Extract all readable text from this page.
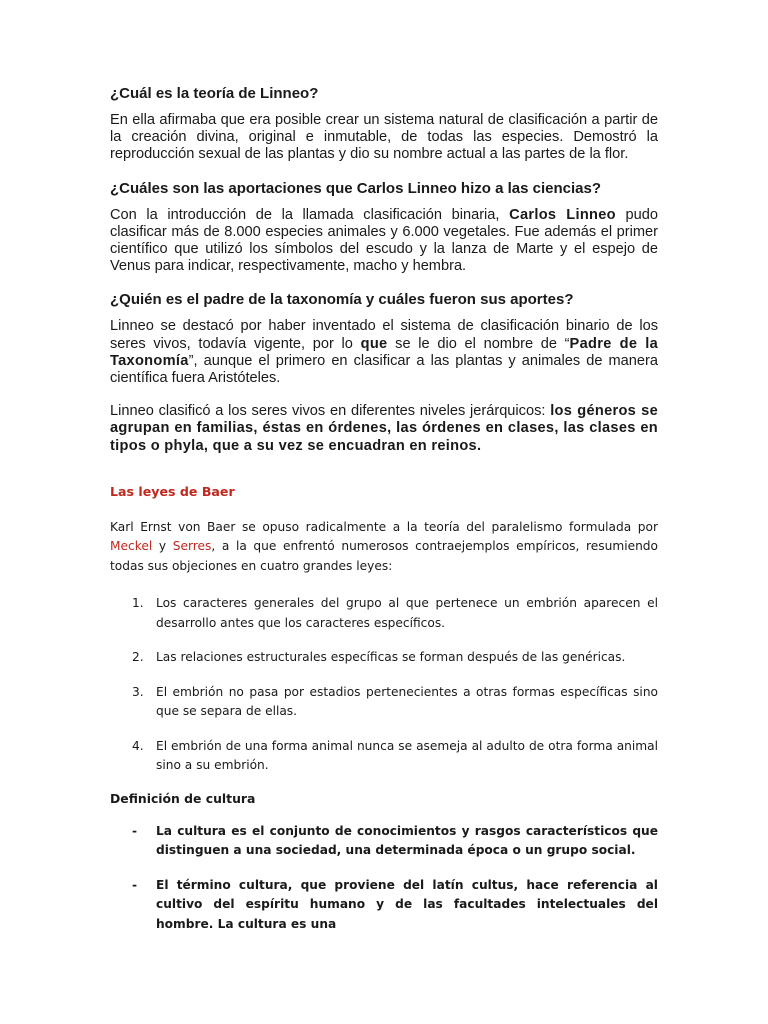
¿Cuál es la teoría de Linneo?

En ella afirmaba que era posible crear un sistema natural de clasificación a partir de la creación divina, original e inmutable, de todas las especies. Demostró la reproducción sexual de las plantas y dio su nombre actual a las partes de la flor.

¿Cuáles son las aportaciones que Carlos Linneo hizo a las ciencias?

Con la introducción de la llamada clasificación binaria, Carlos Linneo pudo clasificar más de 8.000 especies animales y 6.000 vegetales. Fue además el primer científico que utilizó los símbolos del escudo y la lanza de Marte y el espejo de Venus para indicar, respectivamente, macho y hembra.

¿Quién es el padre de la taxonomía y cuáles fueron sus aportes?

Linneo se destacó por haber inventado el sistema de clasificación binario de los seres vivos, todavía vigente, por lo que se le dio el nombre de “Padre de la Taxonomía”, aunque el primero en clasificar a las plantas y animales de manera científica fuera Aristóteles.

Linneo clasificó a los seres vivos en diferentes niveles jerárquicos: los géneros se agrupan en familias, éstas en órdenes, las órdenes en clases, las clases en tipos o phyla, que a su vez se encuadran en reinos.

Las leyes de Baer

Karl Ernst von Baer se opuso radicalmente a la teoría del paralelismo formulada por Meckel y Serres, a la que enfrentó numerosos contraejemplos empíricos, resumiendo todas sus objeciones en cuatro grandes leyes:

1. Los caracteres generales del grupo al que pertenece un embrión aparecen el desarrollo antes que los caracteres específicos.
2. Las relaciones estructurales específicas se forman después de las genéricas.
3. El embrión no pasa por estadios pertenecientes a otras formas específicas sino que se separa de ellas.
4. El embrión de una forma animal nunca se asemeja al adulto de otra forma animal sino a su embrión.
Definición de cultura
- La cultura es el conjunto de conocimientos y rasgos característicos que distinguen a una sociedad, una determinada época o un grupo social.
- El término cultura, que proviene del latín cultus, hace referencia al cultivo del espíritu humano y de las facultades intelectuales del hombre. La cultura es una
